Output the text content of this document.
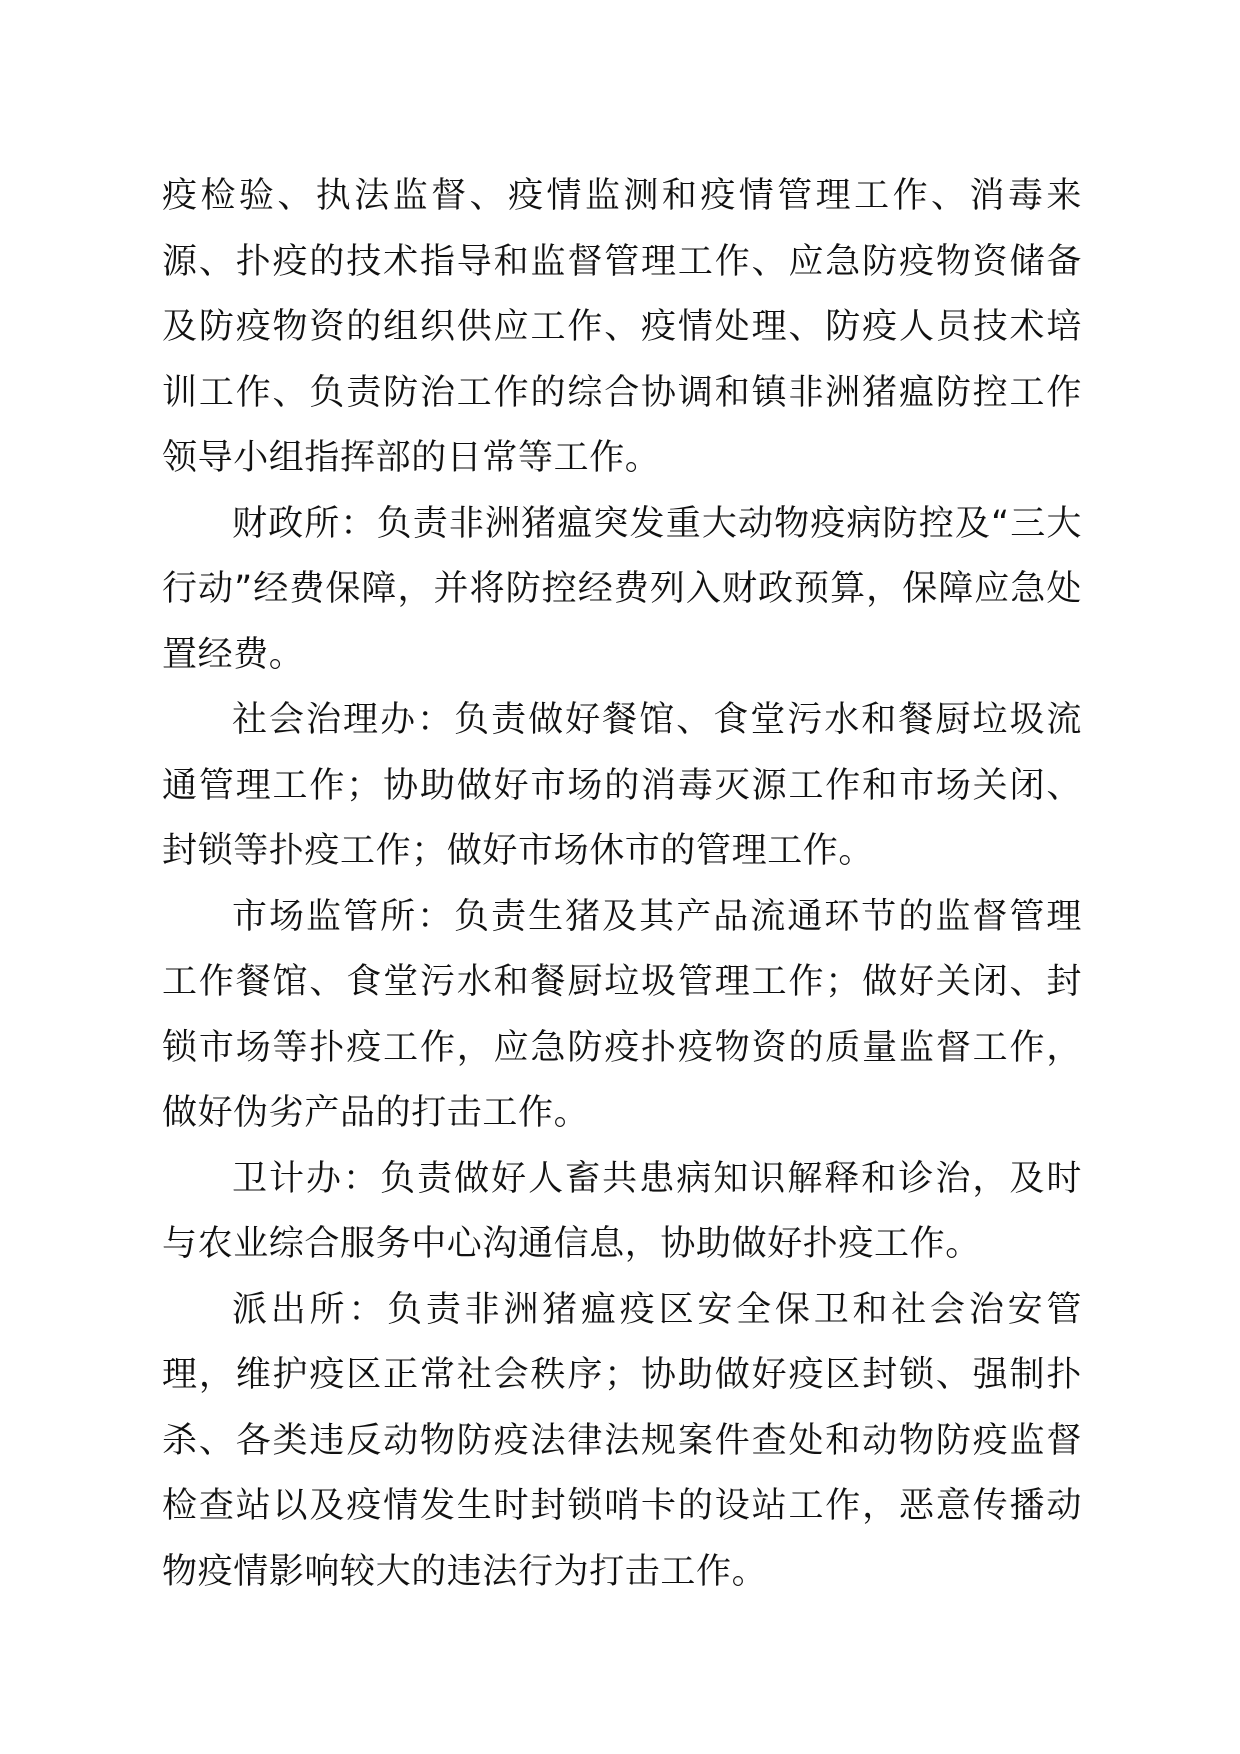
疫检验、执法监督、疫情监测和疫情管理工作、消毒来源、扑疫的技术指导和监督管理工作、应急防疫物资储备及防疫物资的组织供应工作、疫情处理、防疫人员技术培训工作、负责防治工作的综合协调和镇非洲猪瘟防控工作领导小组指挥部的日常等工作。

财政所：负责非洲猪瘟突发重大动物疫病防控及“三大行动”经费保障，并将防控经费列入财政预算，保障应急处置经费。

社会治理办：负责做好餐馆、食堂污水和餐厨垃圾流通管理工作；协助做好市场的消毒灭源工作和市场关闭、封锁等扑疫工作；做好市场休市的管理工作。

市场监管所：负责生猪及其产品流通环节的监督管理工作餐馆、食堂污水和餐厨垃圾管理工作；做好关闭、封锁市场等扑疫工作，应急防疫扑疫物资的质量监督工作，做好伪劣产品的打击工作。

卫计办：负责做好人畜共患病知识解释和诊治，及时与农业综合服务中心沟通信息，协助做好扑疫工作。

派出所：负责非洲猪瘟疫区安全保卫和社会治安管理，维护疫区正常社会秩序；协助做好疫区封锁、强制扑杀、各类违反动物防疫法律法规案件查处和动物防疫监督检查站以及疫情发生时封锁哨卡的设站工作，恶意传播动物疫情影响较大的违法行为打击工作。
